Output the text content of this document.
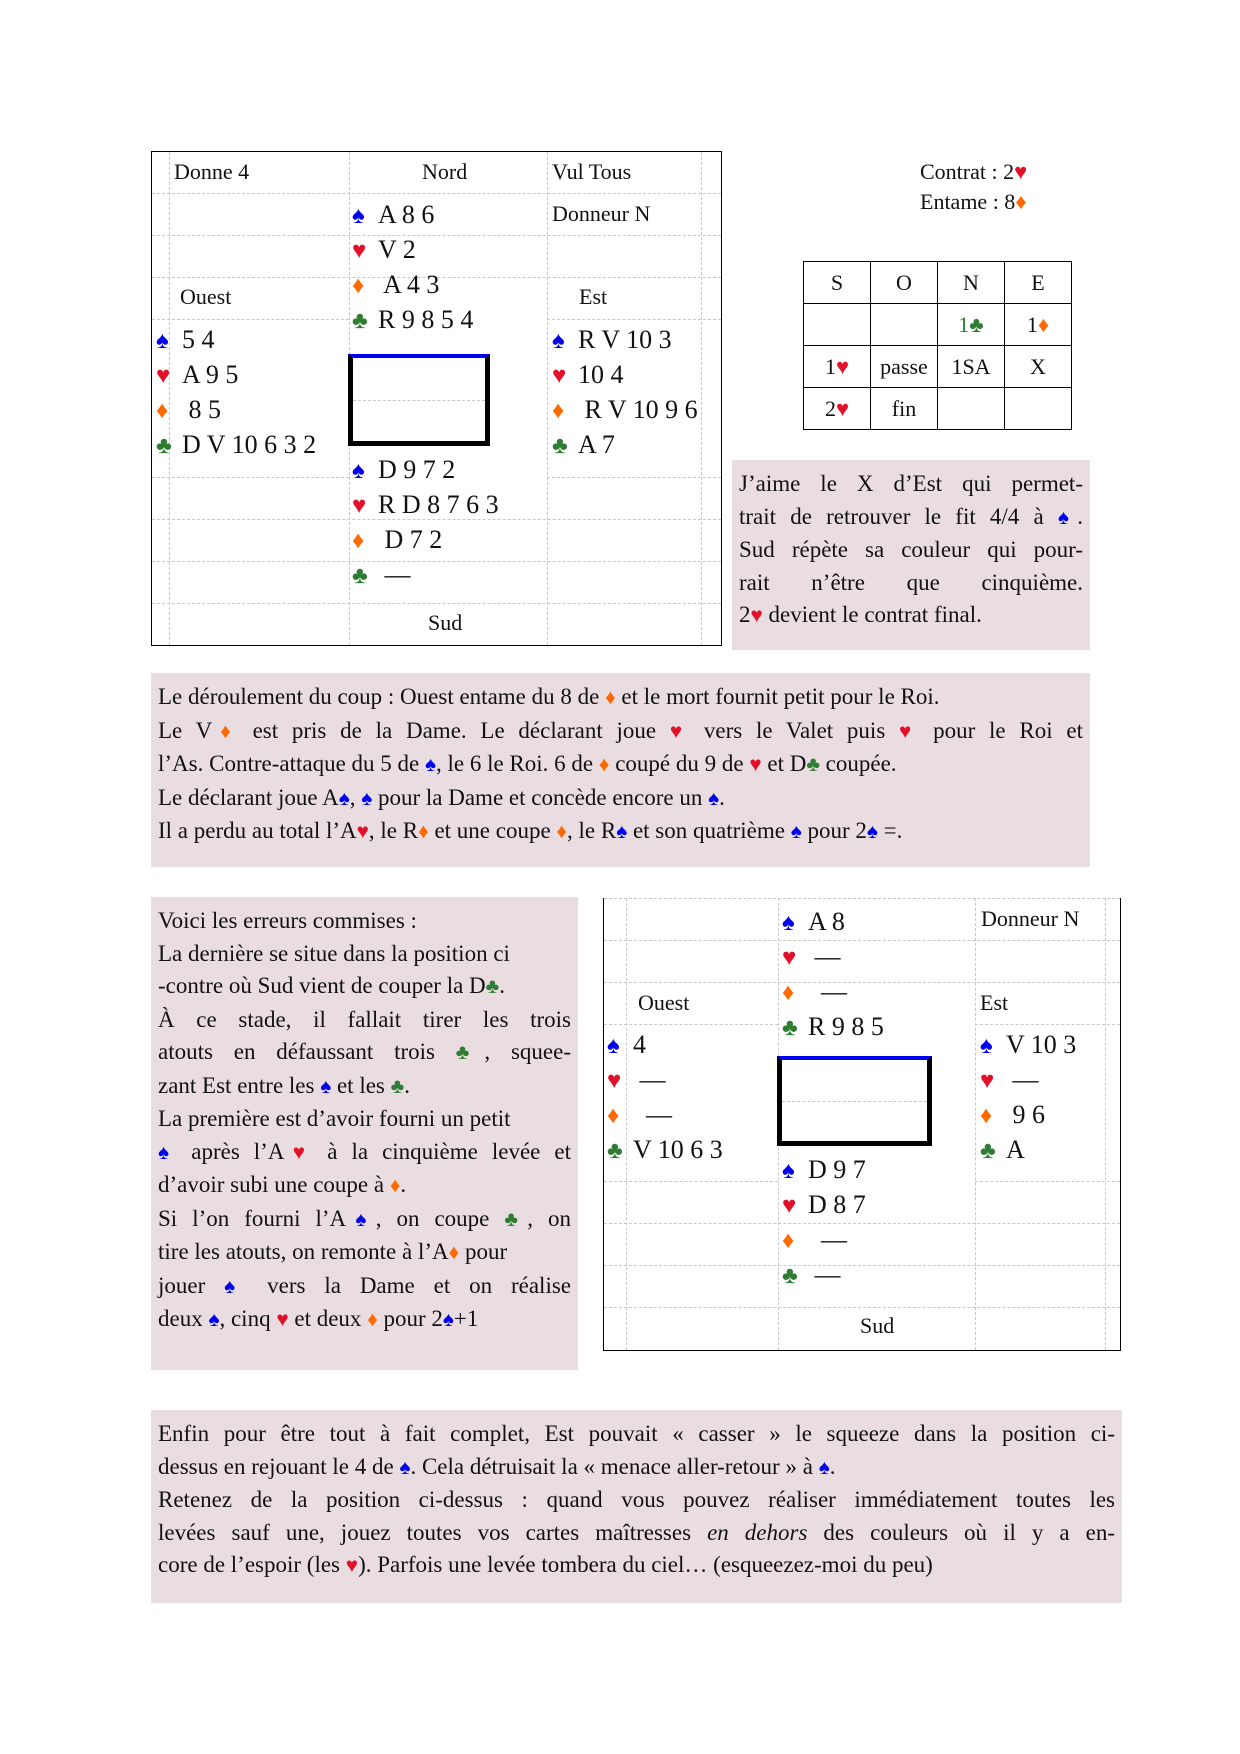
Donne 4	Nord	Vul Tous
Donneur N
Ouest	Est
Sud
♠ A 8 6
♥ V 2
♦ A 4 3
♣ R 9 8 5 4
♠ 5 4
♥ A 9 5
♦ 8 5
♣ D V 10 6 3 2
♠ R V 10 3
♥ 10 4
♦ R V 10 9 6
♣ A 7
♠ D 9 7 2
♥ R D 8 7 6 3
♦ D 7 2
♣ —
Contrat : 2♥
Entame : 8♦
S	O	N	E
		1♣	1♦
1♥	passe	1SA	X
2♥	fin		

J’aime le X d’Est qui permet-

trait de retrouver le fit 4/4 à ♠.

Sud répète sa couleur qui pour-

rait n’être que cinquième.

2♥ devient le contrat final.

Le déroulement du coup : Ouest entame du 8 de ♦ et le mort fournit petit pour le Roi.

Le V♦ est pris de la Dame. Le déclarant joue ♥ vers le Valet puis ♥ pour le Roi et

l’As. Contre-attaque du 5 de ♠, le 6 le Roi. 6 de ♦ coupé du 9 de ♥ et D♣ coupée.

Le déclarant joue A♠, ♠ pour la Dame et concède encore un ♠.

Il a perdu au total l’A♥, le R♦ et une coupe ♦, le R♠ et son quatrième ♠ pour 2♠ =.

Voici les erreurs commises :

La dernière se situe dans la position ci

-contre où Sud vient de couper la D♣.

À ce stade, il fallait tirer les trois

atouts en défaussant trois ♣, squee-

zant Est entre les ♠ et les ♣.

La première est d’avoir fourni un petit

♠ après l’A♥ à la cinquième levée et

d’avoir subi une coupe à ♦.

Si l’on fourni l’A♠, on coupe ♣, on

tire les atouts, on remonte à l’A♦ pour

jouer ♠ vers la Dame et on réalise

deux ♠, cinq ♥ et deux ♦ pour 2♠+1

Donneur N
Ouest	Est
Sud
♠ A 8
♥ —
♦  —
♣ R 9 8 5
♠ 4
♥ —
♦  —
♣ V 10 6 3
♠ V 10 3
♥ —
♦ 9 6
♣ A
♠ D 9 7
♥ D 8 7
♦  —
♣ —

Enfin pour être tout à fait complet, Est pouvait « casser » le squeeze dans la position ci-

dessus en rejouant le 4 de ♠. Cela détruisait la « menace aller-retour » à ♠.

Retenez de la position ci-dessus : quand vous pouvez réaliser immédiatement toutes les

levées sauf une, jouez toutes vos cartes maîtresses en dehors des couleurs où il y a en-

core de l’espoir (les ♥). Parfois une levée tombera du ciel… (esqueezez-moi du peu)
